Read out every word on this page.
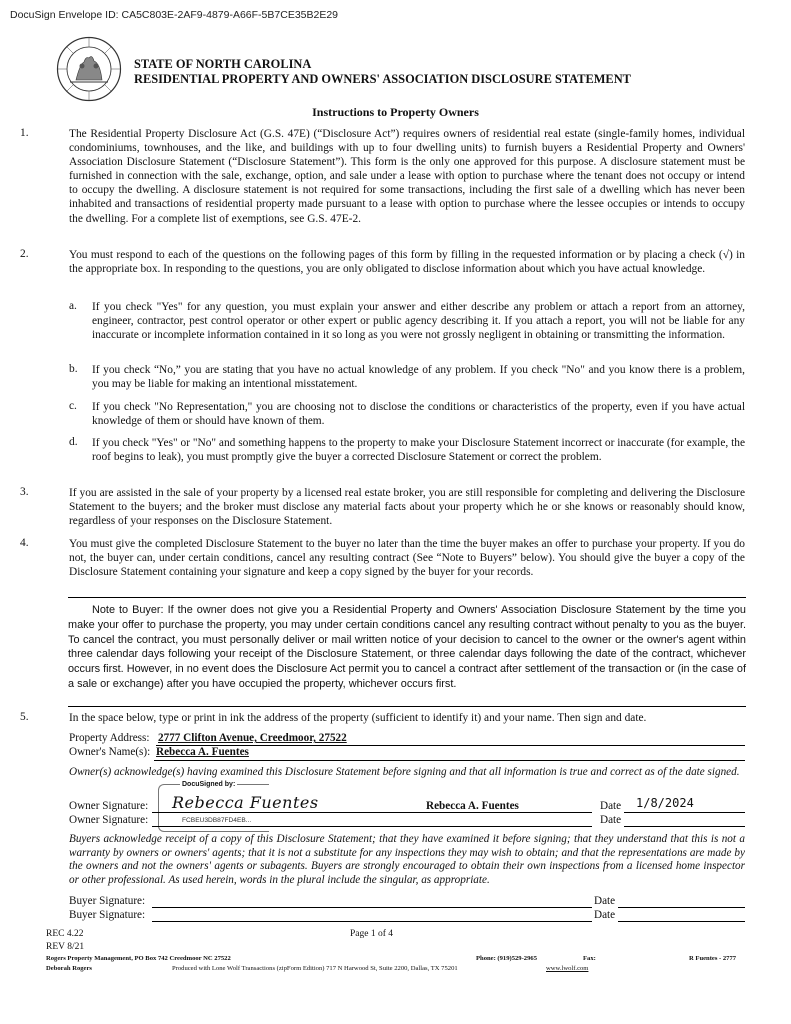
DocuSign Envelope ID: CA5C803E-2AF9-4879-A66F-5B7CE35B2E29
STATE OF NORTH CAROLINA
RESIDENTIAL PROPERTY AND OWNERS' ASSOCIATION DISCLOSURE STATEMENT
Instructions to Property Owners
1.	The Residential Property Disclosure Act (G.S. 47E) (“Disclosure Act”) requires owners of residential real estate (single-family homes, individual condominiums, townhouses, and the like, and buildings with up to four dwelling units) to furnish buyers a Residential Property and Owners' Association Disclosure Statement (“Disclosure Statement”). This form is the only one approved for this purpose. A disclosure statement must be furnished in connection with the sale, exchange, option, and sale under a lease with option to purchase where the tenant does not occupy or intend to occupy the dwelling. A disclosure statement is not required for some transactions, including the first sale of a dwelling which has never been inhabited and transactions of residential property made pursuant to a lease with option to purchase where the lessee occupies or intends to occupy the dwelling. For a complete list of exemptions, see G.S. 47E-2.
2.	You must respond to each of the questions on the following pages of this form by filling in the requested information or by placing a check (√) in the appropriate box. In responding to the questions, you are only obligated to disclose information about which you have actual knowledge.
a. If you check "Yes" for any question, you must explain your answer and either describe any problem or attach a report from an attorney, engineer, contractor, pest control operator or other expert or public agency describing it. If you attach a report, you will not be liable for any inaccurate or incomplete information contained in it so long as you were not grossly negligent in obtaining or transmitting the information.
b. If you check “No,” you are stating that you have no actual knowledge of any problem. If you check "No" and you know there is a problem, you may be liable for making an intentional misstatement.
c. If you check "No Representation," you are choosing not to disclose the conditions or characteristics of the property, even if you have actual knowledge of them or should have known of them.
d. If you check "Yes" or "No" and something happens to the property to make your Disclosure Statement incorrect or inaccurate (for example, the roof begins to leak), you must promptly give the buyer a corrected Disclosure Statement or correct the problem.
3.	If you are assisted in the sale of your property by a licensed real estate broker, you are still responsible for completing and delivering the Disclosure Statement to the buyers; and the broker must disclose any material facts about your property which he or she knows or reasonably should know, regardless of your responses on the Disclosure Statement.
4.	You must give the completed Disclosure Statement to the buyer no later than the time the buyer makes an offer to purchase your property. If you do not, the buyer can, under certain conditions, cancel any resulting contract (See “Note to Buyers” below). You should give the buyer a copy of the Disclosure Statement containing your signature and keep a copy signed by the buyer for your records.
Note to Buyer: If the owner does not give you a Residential Property and Owners' Association Disclosure Statement by the time you make your offer to purchase the property, you may under certain conditions cancel any resulting contract without penalty to you as the buyer. To cancel the contract, you must personally deliver or mail written notice of your decision to cancel to the owner or the owner's agent within three calendar days following your receipt of the Disclosure Statement, or three calendar days following the date of the contract, whichever occurs first. However, in no event does the Disclosure Act permit you to cancel a contract after settlement of the transaction or (in the case of a sale or exchange) after you have occupied the property, whichever occurs first.
5.	In the space below, type or print in ink the address of the property (sufficient to identify it) and your name. Then sign and date.
Property Address: 2777 Clifton Avenue, Creedmoor, 27522
Owner's Name(s): Rebecca A. Fuentes
Owner(s) acknowledge(s) having examined this Disclosure Statement before signing and that all information is true and correct as of the date signed.
DocuSigned by:
Rebecca Fuentes
FCBEU3DB87FD4EB...
Owner Signature:	Rebecca A. Fuentes	Date 1/8/2024
Owner Signature:	Date
Buyers acknowledge receipt of a copy of this Disclosure Statement; that they have examined it before signing; that they understand that this is not a warranty by owners or owners' agents; that it is not a substitute for any inspections they may wish to obtain; and that the representations are made by the owners and not the owners' agents or subagents. Buyers are strongly encouraged to obtain their own inspections from a licensed home inspector or other professional. As used herein, words in the plural include the singular, as appropriate.
Buyer Signature:	Date
Buyer Signature:	Date
REC 4.22
REV 8/21
Page 1 of 4
Rogers Property Management, PO Box 742 Creedmoor NC 27522
Deborah Rogers
Phone: (919)529-2965	Fax:	R Fuentes - 2777
Produced with Lone Wolf Transactions (zipForm Edition) 717 N Harwood St, Suite 2200, Dallas, TX 75201	www.lwolf.com
